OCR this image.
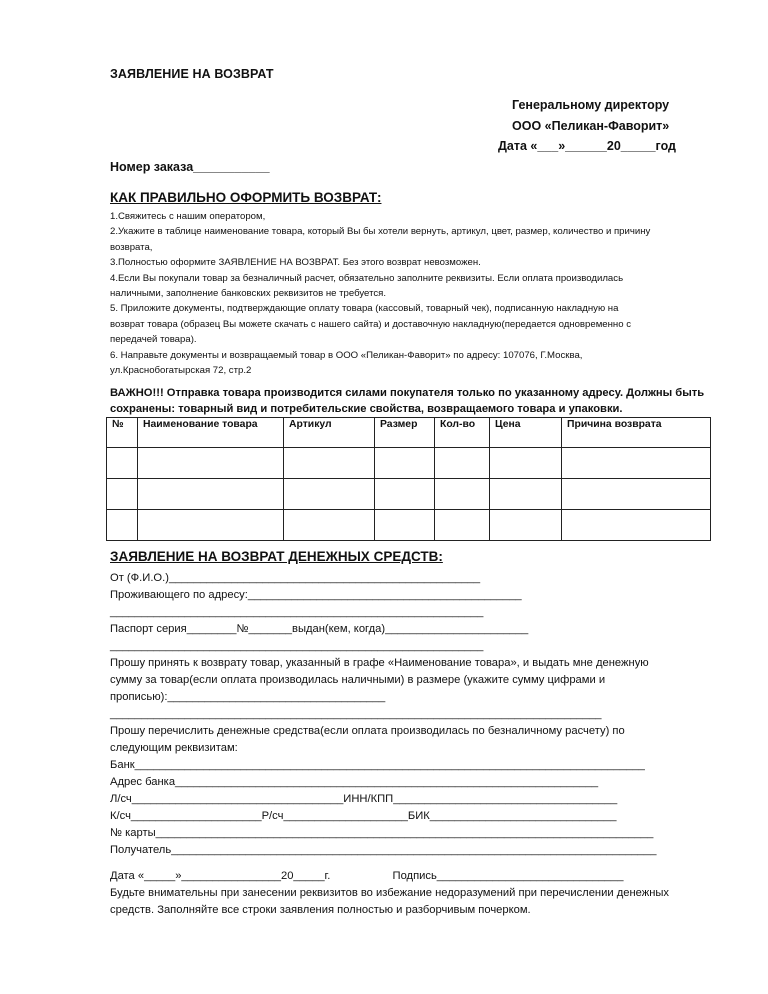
ЗАЯВЛЕНИЕ НА ВОЗВРАТ
Генеральному директору
ООО «Пеликан-Фаворит»
Дата «___»______20_____год
Номер заказа___________
КАК ПРАВИЛЬНО ОФОРМИТЬ ВОЗВРАТ:
1.Свяжитесь с нашим оператором,
2.Укажите в таблице наименование товара, который Вы бы хотели вернуть, артикул, цвет, размер, количество и причину
возврата,
3.Полностью оформите ЗАЯВЛЕНИЕ НА ВОЗВРАТ. Без этого возврат невозможен.
4.Если Вы покупали товар за безналичный расчет, обязательно заполните реквизиты. Если оплата производилась
наличными, заполнение банковских реквизитов не требуется.
5. Приложите документы, подтверждающие оплату товара (кассовый, товарный чек), подписанную накладную на
возврат товара (образец Вы можете скачать с нашего сайта) и доставочную накладную(передается одновременно с
передачей товара).
6. Направьте документы и возвращаемый товар в ООО «Пеликан-Фаворит» по адресу: 107076, Г.Москва,
ул.Краснобогатырская 72, стр.2
ВАЖНО!!! Отправка товара производится силами покупателя только по указанному адресу. Должны быть
сохранены: товарный вид и потребительские свойства, возвращаемого товара и упаковки.
№	Наименование товара	Артикул	Размер	Кол-во	Цена	Причина возврата

ЗАЯВЛЕНИЕ НА ВОЗВРАТ ДЕНЕЖНЫХ СРЕДСТВ:
От (Ф.И.О.)__________________________________________________
Проживающего по адресу:____________________________________________
____________________________________________________________
Паспорт серия________№_______выдан(кем, когда)_______________________
____________________________________________________________
Прошу принять к возврату товар, указанный в графе «Наименование товара», и выдать мне денежную
сумму за товар(если оплата производилась наличными) в размере (укажите сумму цифрами и
прописью):___________________________________
_______________________________________________________________________________
Прошу перечислить денежные средства(если оплата производилась по безналичному расчету) по
следующим реквизитам:
Банк__________________________________________________________________________________
Адрес банка____________________________________________________________________
Л/сч__________________________________ИНН/КПП____________________________________
К/сч_____________________Р/сч____________________БИК______________________________
№ карты________________________________________________________________________________
Получатель______________________________________________________________________________
Дата «_____»________________20_____г.                    Подпись______________________________
Будьте внимательны при занесении реквизитов во избежание недоразумений при перечислении денежных
средств. Заполняйте все строки заявления полностью и разборчивым почерком.
